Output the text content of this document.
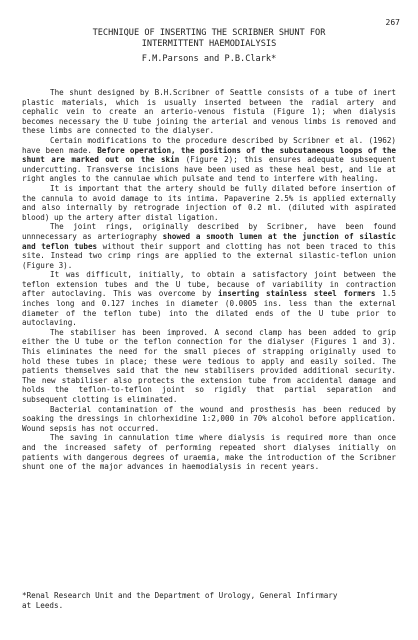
267
TECHNIQUE OF INSERTING THE SCRIBNER SHUNT FOR
INTERMITTENT HAEMODIALYSIS
F.M.Parsons and P.B.Clark*

The shunt designed by B.H.Scribner of Seattle consists of a tube of inert plastic materials, which is usually inserted between the radial artery and cephalic vein to create an arterio-venous fistula (Figure 1); when dialysis becomes necessary the U tube joining the arterial and venous limbs is removed and these limbs are connected to the dialyser.

Certain modifications to the procedure described by Scribner et al. (1962) have been made. Before operation, the positions of the subcutaneous loops of the shunt are marked out on the skin (Figure 2); this ensures adequate subsequent undercutting. Transverse incisions have been used as these heal best, and lie at right angles to the cannulae which pulsate and tend to interfere with healing.

It is important that the artery should be fully dilated before insertion of the cannula to avoid damage to its intima. Papaverine 2.5% is applied externally and also internally by retrograde injection of 0.2 ml. (diluted with aspirated blood) up the artery after distal ligation.

The joint rings, originally described by Scribner, have been found unnnecessary as arteriography showed a smooth lumen at the junction of silastic and teflon tubes without their support and clotting has not been traced to this site. Instead two crimp rings are applied to the external silastic-teflon union (Figure 3).

It was difficult, initially, to obtain a satisfactory joint between the teflon extension tubes and the U tube, because of variability in contraction after autoclaving. This was overcome by inserting stainless steel formers 1.5 inches long and 0.127 inches in diameter (0.0005 ins. less than the external diameter of the teflon tube) into the dilated ends of the U tube prior to autoclaving.

The stabiliser has been improved. A second clamp has been added to grip either the U tube or the teflon connection for the dialyser (Figures 1 and 3). This eliminates the need for the small pieces of strapping originally used to hold these tubes in place; these were tedious to apply and easily soiled. The patients themselves said that the new stabilisers provided additional security. The new stabiliser also protects the extension tube from accidental damage and holds the teflon-to-teflon joint so rigidly that partial separation and subsequent clotting is eliminated.

Bacterial contamination of the wound and prosthesis has been reduced by soaking the dressings in chlorhexidine 1:2,000 in 70% alcohol before application. Wound sepsis has not occurred.

The saving in cannulation time where dialysis is required more than once and the increased safety of performing repeated short dialyses initially on patients with dangerous degrees of uraemia, make the introduction of the Scribner shunt one of the major advances in haemodialysis in recent years.

*Renal Research Unit and the Department of Urology, General Infirmary
at Leeds.
